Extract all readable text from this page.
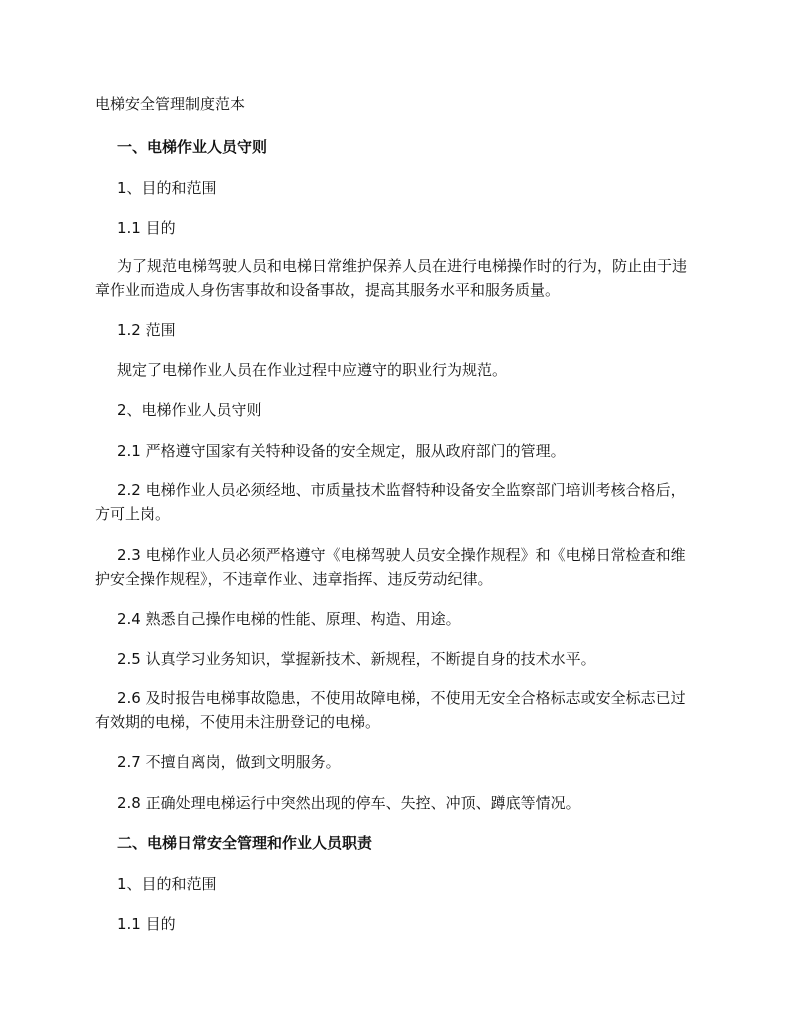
电梯安全管理制度范本
一、电梯作业人员守则
1、目的和范围
1.1 目的
为了规范电梯驾驶人员和电梯日常维护保养人员在进行电梯操作时的行为，防止由于违章作业而造成人身伤害事故和设备事故，提高其服务水平和服务质量。
1.2 范围
规定了电梯作业人员在作业过程中应遵守的职业行为规范。
2、电梯作业人员守则
2.1 严格遵守国家有关特种设备的安全规定，服从政府部门的管理。
2.2 电梯作业人员必须经地、市质量技术监督特种设备安全监察部门培训考核合格后，方可上岗。
2.3 电梯作业人员必须严格遵守《电梯驾驶人员安全操作规程》和《电梯日常检查和维护安全操作规程》，不违章作业、违章指挥、违反劳动纪律。
2.4 熟悉自己操作电梯的性能、原理、构造、用途。
2.5 认真学习业务知识，掌握新技术、新规程，不断提自身的技术水平。
2.6 及时报告电梯事故隐患，不使用故障电梯，不使用无安全合格标志或安全标志已过有效期的电梯，不使用未注册登记的电梯。
2.7 不擅自离岗，做到文明服务。
2.8 正确处理电梯运行中突然出现的停车、失控、冲顶、蹲底等情况。
二、电梯日常安全管理和作业人员职责
1、目的和范围
1.1 目的
